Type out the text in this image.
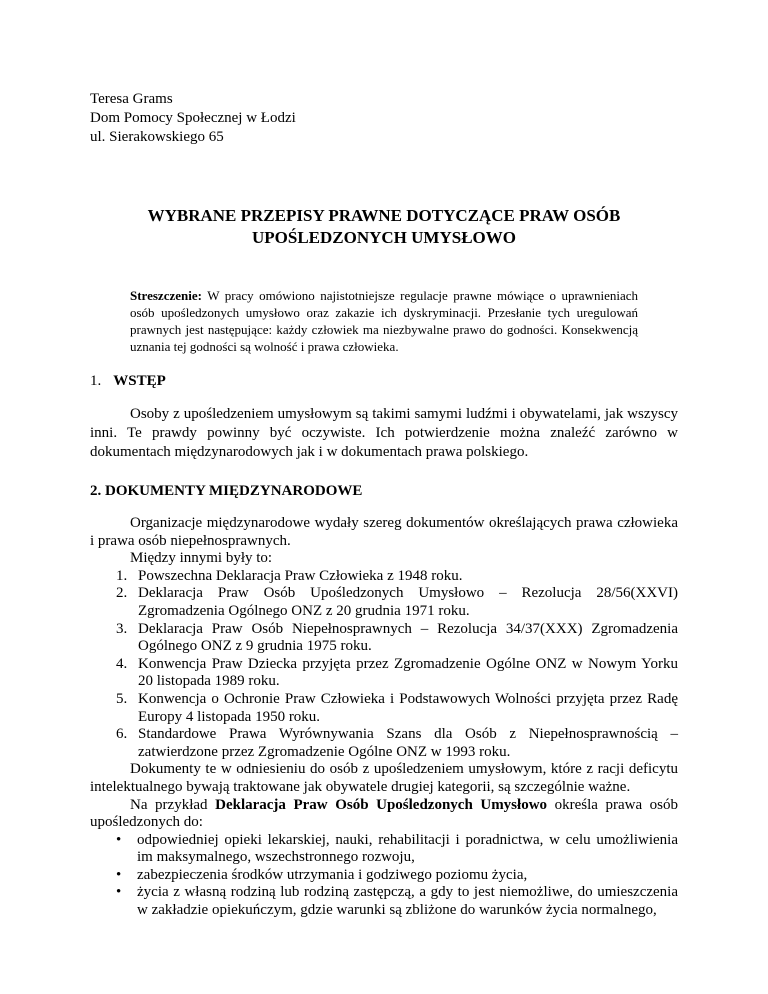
Teresa Grams
Dom Pomocy Społecznej w Łodzi
ul. Sierakowskiego 65
WYBRANE PRZEPISY PRAWNE DOTYCZĄCE PRAW OSÓB
UPOŚLEDZONYCH UMYSŁOWO
Streszczenie: W pracy omówiono najistotniejsze regulacje prawne mówiące o uprawnieniach osób upośledzonych umysłowo oraz zakazie ich dyskryminacji. Przesłanie tych uregulowań prawnych jest następujące: każdy człowiek ma niezbywalne prawo do godności. Konsekwencją uznania tej godności są wolność i prawa człowieka.
1. WSTĘP
Osoby z upośledzeniem umysłowym są takimi samymi ludźmi i obywatelami, jak wszyscy inni. Te prawdy powinny być oczywiste. Ich potwierdzenie można znaleźć zarówno w dokumentach międzynarodowych jak i w dokumentach prawa polskiego.
2. DOKUMENTY MIĘDZYNARODOWE

Organizacje międzynarodowe wydały szereg dokumentów określających prawa człowieka i prawa osób niepełnosprawnych.

Między innymi były to:

1. Powszechna Deklaracja Praw Człowieka z 1948 roku.
2. Deklaracja Praw Osób Upośledzonych Umysłowo – Rezolucja 28/56(XXVI) Zgromadzenia Ogólnego ONZ z 20 grudnia 1971 roku.
3. Deklaracja Praw Osób Niepełnosprawnych – Rezolucja 34/37(XXX) Zgromadzenia Ogólnego ONZ z 9 grudnia 1975 roku.
4. Konwencja Praw Dziecka przyjęta przez Zgromadzenie Ogólne ONZ w Nowym Yorku 20 listopada 1989 roku.
5. Konwencja o Ochronie Praw Człowieka i Podstawowych Wolności przyjęta przez Radę Europy 4 listopada 1950 roku.
6. Standardowe Prawa Wyrównywania Szans dla Osób z Niepełnosprawnością – zatwierdzone przez Zgromadzenie Ogólne ONZ w 1993 roku.

Dokumenty te w odniesieniu do osób z upośledzeniem umysłowym, które z racji deficytu intelektualnego bywają traktowane jak obywatele drugiej kategorii, są szczególnie ważne.

Na przykład Deklaracja Praw Osób Upośledzonych Umysłowo określa prawa osób upośledzonych do:

• odpowiedniej opieki lekarskiej, nauki, rehabilitacji i poradnictwa, w celu umożliwienia im maksymalnego, wszechstronnego rozwoju,
• zabezpieczenia środków utrzymania i godziwego poziomu życia,
• życia z własną rodziną lub rodziną zastępczą, a gdy to jest niemożliwe, do umieszczenia w zakładzie opiekuńczym, gdzie warunki są zbliżone do warunków życia normalnego,
